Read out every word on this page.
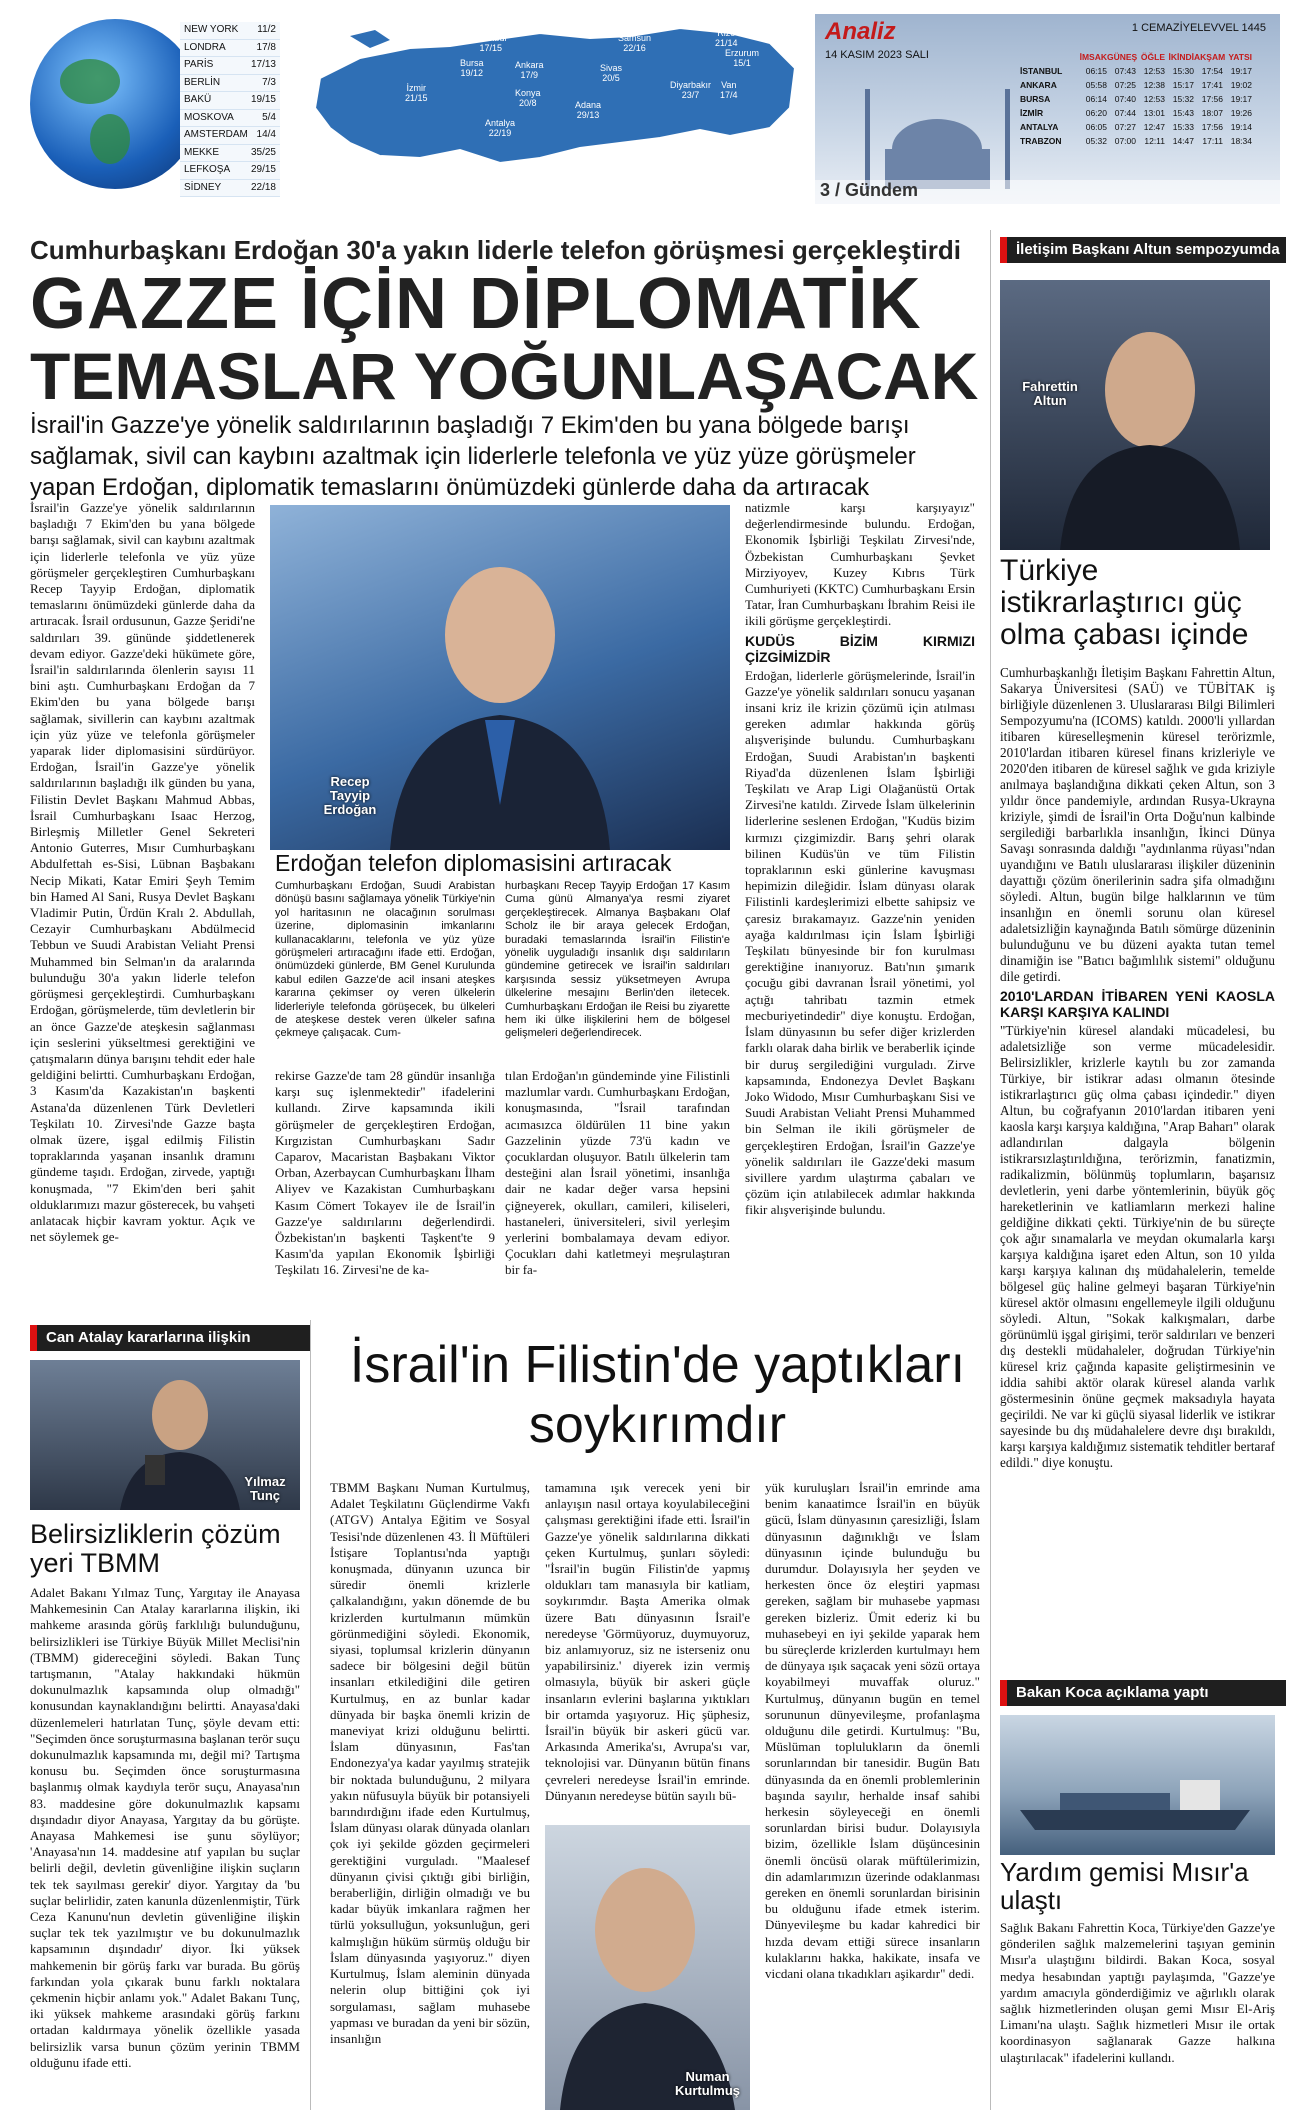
NEW YORK 11/2
LONDRA	17/8
PARİS	17/13
BERLİN	7/3
BAKÜ	19/15
MOSKOVA	5/4
AMSTERDAM 14/4
MEKKE	35/25
LEFKOŞA 29/15
SİDNEY	22/18
İstanbul
17/15
Bursa
19/12
İzmir
21/15
Ankara
17/9
Konya
20/8
Antalya
22/19
Samsun
22/16
Sivas
20/5
Adana
29/13
Diyarbakır
23/7
Rize
21/14
Erzurum
15/1
Van
17/4
Analiz
14 KASIM 2023 SALI
1 CEMAZİYELEVVEL 1445
3 / Gündem
İMSAK GÜNEŞ ÖĞLE İKİNDİ AKŞAM YATSI
İSTANBUL	06:15 07:43 12:53 15:30 17:54 19:17
ANKARA	05:58 07:25 12:38 15:17 17:41 19:02
BURSA	06:14 07:40 12:53 15:32 17:56 19:17
İZMİR	06:20 07:44 13:01 15:43 18:07 19:26
ANTALYA	06:05 07:27 12:47 15:33 17:56 19:14
TRABZON	05:32 07:00 12:11 14:47 17:11 18:34
Cumhurbaşkanı Erdoğan 30'a yakın liderle telefon görüşmesi gerçekleştirdi
GAZZE İÇİN DİPLOMATİK
TEMASLAR YOĞUNLAŞACAK
İsrail'in Gazze'ye yönelik saldırılarının başladığı 7 Ekim'den bu yana bölgede barışı sağlamak, sivil can kaybını azaltmak için liderlerle telefonla ve yüz yüze görüşmeler yapan Erdoğan, diplomatik temaslarını önümüzdeki günlerde daha da artıracak

İsrail'in Gazze'ye yönelik saldırılarının başladığı 7 Ekim'den bu yana bölgede barışı sağlamak, sivil can kaybını azaltmak için liderlerle telefonla ve yüz yüze görüşmeler gerçekleştiren Cumhurbaşkanı Recep Tayyip Erdoğan, diplomatik temaslarını önümüzdeki günlerde daha da artıracak. İsrail ordusunun, Gazze Şeridi'ne saldırıları 39. gününde şiddetlenerek devam ediyor. Gazze'deki hükümete göre, İsrail'in saldırılarında ölenlerin sayısı 11 bini aştı. Cumhurbaşkanı Erdoğan da 7 Ekim'den bu yana bölgede barışı sağlamak, sivillerin can kaybını azaltmak için yüz yüze ve telefonla görüşmeler yaparak lider diplomasisini sürdürüyor. Erdoğan, İsrail'in Gazze'ye yönelik saldırılarının başladığı ilk günden bu yana, Filistin Devlet Başkanı Mahmud Abbas, İsrail Cumhurbaşkanı Isaac Herzog, Birleşmiş Milletler Genel Sekreteri Antonio Guterres, Mısır Cumhurbaşkanı Abdulfettah es-Sisi, Lübnan Başbakanı Necip Mikati, Katar Emiri Şeyh Temim bin Hamed Al Sani, Rusya Devlet Başkanı Vladimir Putin, Ürdün Kralı 2. Abdullah, Cezayir Cumhurbaşkanı Abdülmecid Tebbun ve Suudi Arabistan Veliaht Prensi Muhammed bin Selman'ın da aralarında bulunduğu 30'a yakın liderle telefon görüşmesi gerçekleştirdi. Cumhurbaşkanı Erdoğan, görüşmelerde, tüm devletlerin bir an önce Gazze'de ateşkesin sağlanması için seslerini yükseltmesi gerektiğini ve çatışmaların dünya barışını tehdit eder hale geldiğini belirtti. Cumhurbaşkanı Erdoğan, 3 Kasım'da Kazakistan'ın başkenti Astana'da düzenlenen Türk Devletleri Teşkilatı 10. Zirvesi'nde Gazze başta olmak üzere, işgal edilmiş Filistin topraklarında yaşanan insanlık dramını gündeme taşıdı. Erdoğan, zirvede, yaptığı konuşmada, "7 Ekim'den beri şahit olduklarımızı mazur gösterecek, bu vahşeti anlatacak hiçbir kavram yoktur. Açık ve net söylemek ge-

Recep Tayyip Erdoğan
Erdoğan telefon diplomasisini artıracak
Cumhurbaşkanı Erdoğan, Suudi Arabistan dönüşü basını sağlamaya yönelik Türkiye'nin yol haritasının ne olacağının sorulması üzerine, diplomasinin imkanlarını kullanacaklarını, telefonla ve yüz yüze görüşmeleri artıracağını ifade etti. Erdoğan, önümüzdeki günlerde, BM Genel Kurulunda kabul edilen Gazze'de acil insani ateşkes kararına çekimser oy veren ülkelerin liderleriyle telefonda görüşecek, bu ülkeleri de ateşkese destek veren ülkeler safına çekmeye çalışacak. Cum-
hurbaşkanı Recep Tayyip Erdoğan 17 Kasım Cuma günü Almanya'ya resmi ziyaret gerçekleştirecek. Almanya Başbakanı Olaf Scholz ile bir araya gelecek Erdoğan, buradaki temaslarında İsrail'in Filistin'e yönelik uyguladığı insanlık dışı saldırıların gündemine getirecek ve İsrail'in saldırıları karşısında sessiz yüksetmeyen Avrupa ülkelerine mesajını Berlin'den iletecek. Cumhurbaşkanı Erdoğan ile Reisi bu ziyarette hem iki ülke ilişkilerini hem de bölgesel gelişmeleri değerlendirecek.

rekirse Gazze'de tam 28 gündür insanlığa karşı suç işlenmektedir" ifadelerini kullandı. Zirve kapsamında ikili görüşmeler de gerçekleştiren Erdoğan, Kırgızistan Cumhurbaşkanı Sadır Caparov, Macaristan Başbakanı Viktor Orban, Azerbaycan Cumhurbaşkanı İlham Aliyev ve Kazakistan Cumhurbaşkanı Kasım Cömert Tokayev ile de İsrail'in Gazze'ye saldırılarını değerlendirdi. Özbekistan'ın başkenti Taşkent'te 9 Kasım'da yapılan Ekonomik İşbirliği Teşkilatı 16. Zirvesi'ne de ka-

tılan Erdoğan'ın gündeminde yine Filistinli mazlumlar vardı. Cumhurbaşkanı Erdoğan, konuşmasında, "İsrail tarafından acımasızca öldürülen 11 bine yakın Gazzelinin yüzde 73'ü kadın ve çocuklardan oluşuyor. Batılı ülkelerin tam desteğini alan İsrail yönetimi, insanlığa dair ne kadar değer varsa hepsini çiğneyerek, okulları, camileri, kiliseleri, hastaneleri, üniversiteleri, sivil yerleşim yerlerini bombalamaya devam ediyor. Çocukları dahi katletmeyi meşrulaştıran bir fa-

natizmle karşı karşıyayız" değerlendirmesinde bulundu. Erdoğan, Ekonomik İşbirliği Teşkilatı Zirvesi'nde, Özbekistan Cumhurbaşkanı Şevket Mirziyoyev, Kuzey Kıbrıs Türk Cumhuriyeti (KKTC) Cumhurbaşkanı Ersin Tatar, İran Cumhurbaşkanı İbrahim Reisi ile ikili görüşme gerçekleştirdi.

KUDÜS BİZİM KIRMIZI ÇİZGİMİZDİR

Erdoğan, liderlerle görüşmelerinde, İsrail'in Gazze'ye yönelik saldırıları sonucu yaşanan insani kriz ile krizin çözümü için atılması gereken adımlar hakkında görüş alışverişinde bulundu. Cumhurbaşkanı Erdoğan, Suudi Arabistan'ın başkenti Riyad'da düzenlenen İslam İşbirliği Teşkilatı ve Arap Ligi Olağanüstü Ortak Zirvesi'ne katıldı. Zirvede İslam ülkelerinin liderlerine seslenen Erdoğan, "Kudüs bizim kırmızı çizgimizdir. Barış şehri olarak bilinen Kudüs'ün ve tüm Filistin topraklarının eski günlerine kavuşması hepimizin dileğidir. İslam dünyası olarak Filistinli kardeşlerimizi elbette sahipsiz ve çaresiz bırakamayız. Gazze'nin yeniden ayağa kaldırılması için İslam İşbirliği Teşkilatı bünyesinde bir fon kurulması gerektiğine inanıyoruz. Batı'nın şımarık çocuğu gibi davranan İsrail yönetimi, yol açtığı tahribatı tazmin etmek mecburiyetindedir" diye konuştu. Erdoğan, İslam dünyasının bu sefer diğer krizlerden farklı olarak daha birlik ve beraberlik içinde bir duruş sergilediğini vurguladı. Zirve kapsamında, Endonezya Devlet Başkanı Joko Widodo, Mısır Cumhurbaşkanı Sisi ve Suudi Arabistan Veliaht Prensi Muhammed bin Selman ile ikili görüşmeler de gerçekleştiren Erdoğan, İsrail'in Gazze'ye yönelik saldırıları ile Gazze'deki masum sivillere yardım ulaştırma çabaları ve çözüm için atılabilecek adımlar hakkında fikir alışverişinde bulundu.

İletişim Başkanı Altun sempozyumda
Fahrettin Altun
Türkiye istikrarlaştırıcı güç olma çabası içinde

Cumhurbaşkanlığı İletişim Başkanı Fahrettin Altun, Sakarya Üniversitesi (SAÜ) ve TÜBİTAK iş birliğiyle düzenlenen 3. Uluslararası Bilgi Bilimleri Sempozyumu'na (ICOMS) katıldı. 2000'li yıllardan itibaren küreselleşmenin küresel terörizmle, 2010'lardan itibaren küresel finans krizleriyle ve 2020'den itibaren de küresel sağlık ve gıda kriziyle anılmaya başlandığına dikkati çeken Altun, son 3 yıldır önce pandemiyle, ardından Rusya-Ukrayna kriziyle, şimdi de İsrail'in Orta Doğu'nun kalbinde sergilediği barbarlıkla insanlığın, İkinci Dünya Savaşı sonrasında daldığı "aydınlanma rüyası"ndan uyandığını ve Batılı uluslararası ilişkiler düzeninin dayattığı çözüm önerilerinin sadra şifa olmadığını söyledi. Altun, bugün bilge halklarının ve tüm insanlığın en önemli sorunu olan küresel adaletsizliğin kaynağında Batılı sömürge düzeninin bulunduğunu ve bu düzeni ayakta tutan temel dinamiğin ise "Batıcı bağımlılık sistemi" olduğunu dile getirdi.

2010'LARDAN İTİBAREN YENİ KAOSLA KARŞI KARŞIYA KALINDI

"Türkiye'nin küresel alandaki mücadelesi, bu adaletsizliğe son verme mücadelesidir. Belirsizlikler, krizlerle kaytılı bu zor zamanda Türkiye, bir istikrar adası olmanın ötesinde istikrarlaştırıcı güç olma çabası içindedir." diyen Altun, bu coğrafyanın 2010'lardan itibaren yeni kaosla karşı karşıya kaldığına, "Arap Baharı" olarak adlandırılan dalgayla bölgenin istikrarsızlaştırıldığına, terörizmin, fanatizmin, radikalizmin, bölünmüş toplumların, başarısız devletlerin, yeni darbe yöntemlerinin, büyük göç hareketlerinin ve katliamların merkezi haline geldiğine dikkati çekti. Türkiye'nin de bu süreçte çok ağır sınamalarla ve meydan okumalarla karşı karşıya kaldığına işaret eden Altun, son 10 yılda karşı karşıya kalınan dış müdahalelerin, temelde bölgesel güç haline gelmeyi başaran Türkiye'nin küresel aktör olmasını engellemeyle ilgili olduğunu söyledi. Altun, "Sokak kalkışmaları, darbe görünümlü işgal girişimi, terör saldırıları ve benzeri dış destekli müdahaleler, doğrudan Türkiye'nin küresel kriz çağında kapasite geliştirmesinin ve iddia sahibi aktör olarak küresel alanda varlık göstermesinin önüne geçmek maksadıyla hayata geçirildi. Ne var ki güçlü siyasal liderlik ve istikrar sayesinde bu dış müdahalelere devre dışı bırakıldı, karşı karşıya kaldığımız sistematik tehditler bertaraf edildi." diye konuştu.

Bakan Koca açıklama yaptı
Yardım gemisi Mısır'a ulaştı

Sağlık Bakanı Fahrettin Koca, Türkiye'den Gazze'ye gönderilen sağlık malzemelerini taşıyan geminin Mısır'a ulaştığını bildirdi. Bakan Koca, sosyal medya hesabından yaptığı paylaşımda, "Gazze'ye yardım amacıyla gönderdiğimiz ve ağırlıklı olarak sağlık hizmetlerinden oluşan gemi Mısır El-Ariş Limanı'na ulaştı. Sağlık hizmetleri Mısır ile ortak koordinasyon sağlanarak Gazze halkına ulaştırılacak" ifadelerini kullandı.

Can Atalay kararlarına ilişkin
Yılmaz Tunç
Belirsizliklerin çözüm yeri TBMM

Adalet Bakanı Yılmaz Tunç, Yargıtay ile Anayasa Mahkemesinin Can Atalay kararlarına ilişkin, iki mahkeme arasında görüş farklılığı bulunduğunu, belirsizlikleri ise Türkiye Büyük Millet Meclisi'nin (TBMM) gidereceğini söyledi. Bakan Tunç tartışmanın, "Atalay hakkındaki hükmün dokunulmazlık kapsamında olup olmadığı" konusundan kaynaklandığını belirtti. Anayasa'daki düzenlemeleri hatırlatan Tunç, şöyle devam etti: "Seçimden önce soruşturmasına başlanan terör suçu dokunulmazlık kapsamında mı, değil mi? Tartışma konusu bu. Seçimden önce soruşturmasına başlanmış olmak kaydıyla terör suçu, Anayasa'nın 83. maddesine göre dokunulmazlık kapsamı dışındadır diyor Anayasa, Yargıtay da bu görüşte. Anayasa Mahkemesi ise şunu söylüyor; 'Anayasa'nın 14. maddesine atıf yapılan bu suçlar belirli değil, devletin güvenliğine ilişkin suçların tek tek sayılması gerekir' diyor. Yargıtay da 'bu suçlar belirlidir, zaten kanunla düzenlenmiştir, Türk Ceza Kanunu'nun devletin güvenliğine ilişkin suçlar tek tek yazılmıştır ve bu dokunulmazlık kapsamının dışındadır' diyor. İki yüksek mahkemenin bir görüş farkı var burada. Bu görüş farkından yola çıkarak bunu farklı noktalara çekmenin hiçbir anlamı yok." Adalet Bakanı Tunç, iki yüksek mahkeme arasındaki görüş farkını ortadan kaldırmaya yönelik özellikle yasada belirsizlik varsa bunun çözüm yerinin TBMM olduğunu ifade etti.

İsrail'in Filistin'de yaptıkları soykırımdır

TBMM Başkanı Numan Kurtulmuş, Adalet Teşkilatını Güçlendirme Vakfı (ATGV) Antalya Eğitim ve Sosyal Tesisi'nde düzenlenen 43. İl Müftüleri İstişare Toplantısı'nda yaptığı konuşmada, dünyanın uzunca bir süredir önemli krizlerle çalkalandığını, yakın dönemde de bu krizlerden kurtulmanın mümkün görünmediğini söyledi. Ekonomik, siyasi, toplumsal krizlerin dünyanın sadece bir bölgesini değil bütün insanları etkilediğini dile getiren Kurtulmuş, en az bunlar kadar dünyada bir başka önemli krizin de maneviyat krizi olduğunu belirtti. İslam dünyasının, Fas'tan Endonezya'ya kadar yayılmış stratejik bir noktada bulunduğunu, 2 milyara yakın nüfusuyla büyük bir potansiyeli barındırdığını ifade eden Kurtulmuş, İslam dünyası olarak dünyada olanları çok iyi şekilde gözden geçirmeleri gerektiğini vurguladı. "Maalesef dünyanın çivisi çıktığı gibi birliğin, beraberliğin, dirliğin olmadığı ve bu kadar büyük imkanlara rağmen her türlü yoksulluğun, yoksunluğun, geri kalmışlığın hüküm sürmüş olduğu bir İslam dünyasında yaşıyoruz." diyen Kurtulmuş, İslam aleminin dünyada nelerin olup bittiğini çok iyi sorgulaması, sağlam muhasebe yapması ve buradan da yeni bir sözün, insanlığın

tamamına ışık verecek yeni bir anlayışın nasıl ortaya koyulabileceğini çalışması gerektiğini ifade etti. İsrail'in Gazze'ye yönelik saldırılarına dikkati çeken Kurtulmuş, şunları söyledi: "İsrail'in bugün Filistin'de yapmış oldukları tam manasıyla bir katliam, soykırımdır. Başta Amerika olmak üzere Batı dünyasının İsrail'e neredeyse 'Görmüyoruz, duymuyoruz, biz anlamıyoruz, siz ne isterseniz onu yapabilirsiniz.' diyerek izin vermiş olmasıyla, büyük bir askeri güçle insanların evlerini başlarına yıktıkları bir ortamda yaşıyoruz. Hiç şüphesiz, İsrail'in büyük bir askeri gücü var. Arkasında Amerika'sı, Avrupa'sı var, teknolojisi var. Dünyanın bütün finans çevreleri neredeyse İsrail'in emrinde. Dünyanın neredeyse bütün sayılı bü-

Numan Kurtulmuş

yük kuruluşları İsrail'in emrinde ama benim kanaatimce İsrail'in en büyük gücü, İslam dünyasının çaresizliği, İslam dünyasının dağınıklığı ve İslam dünyasının içinde bulunduğu bu durumdur. Dolayısıyla her şeyden ve herkesten önce öz eleştiri yapması gereken, sağlam bir muhasebe yapması gereken bizleriz. Ümit ederiz ki bu muhasebeyi en iyi şekilde yaparak hem bu süreçlerde krizlerden kurtulmayı hem de dünyaya ışık saçacak yeni sözü ortaya koyabilmeyi muvaffak oluruz." Kurtulmuş, dünyanın bugün en temel sorununun dünyevileşme, profanlaşma olduğunu dile getirdi. Kurtulmuş: "Bu, Müslüman toplulukların da önemli sorunlarından bir tanesidir. Bugün Batı dünyasında da en önemli problemlerinin başında sayılır, herhalde insaf sahibi herkesin söyleyeceği en önemli sorunlardan birisi budur. Dolayısıyla bizim, özellikle İslam düşüncesinin önemli öncüsü olarak müftülerimizin, din adamlarımızın üzerinde odaklanması gereken en önemli sorunlardan birisinin bu olduğunu ifade etmek isterim. Dünyevileşme bu kadar kahredici bir hızda devam ettiği sürece insanların kulaklarını hakka, hakikate, insafa ve vicdani olana tıkadıkları aşikardır" dedi.
